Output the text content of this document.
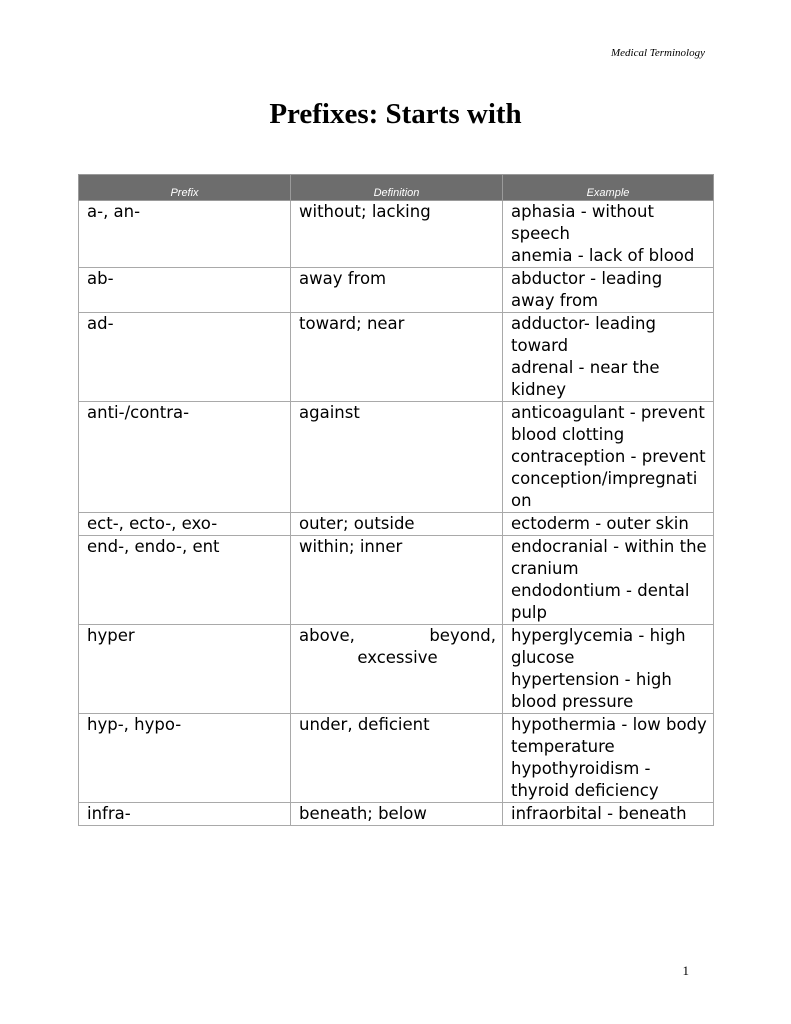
Medical Terminology
Prefixes: Starts with
Prefix	Definition	Example
a-, an-	without; lacking	aphasia - without speech
anemia - lack of blood

ab-	away from	abductor - leading away from

ad-	toward; near	adductor- leading toward
adrenal - near the kidney

anti-/contra-	against	anticoagulant - prevent blood clotting
contraception - prevent conception/impregnation

ect-, ecto-, exo-	outer; outside	ectoderm - outer skin

end-, endo-, ent	within; inner	endocranial - within the cranium
endodontium - dental pulp

hyper	above, beyond, excessive	hyperglycemia - high glucose
hypertension - high blood pressure

hyp-, hypo-	under, deficient	hypothermia - low body temperature
hypothyroidism - thyroid deficiency

infra-	beneath; below	infraorbital - beneath
1
